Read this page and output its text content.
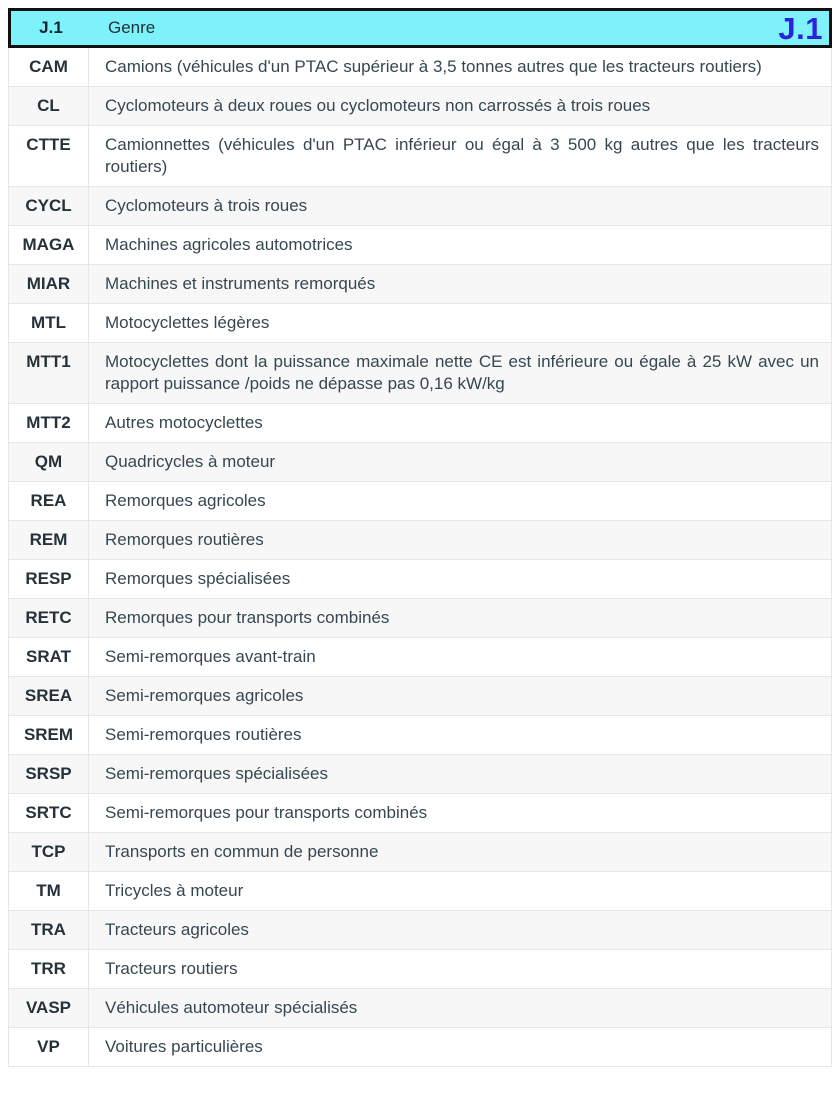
J.1	Genre	J.1
CAM Camions (véhicules d'un PTAC supérieur à 3,5 tonnes autres que les tracteurs routiers)
CL	Cyclomoteurs à deux roues ou cyclomoteurs non carrossés à trois roues
CTTE Camionnettes (véhicules d'un PTAC inférieur ou égal à 3 500 kg autres que les tracteurs routiers)
CYCL Cyclomoteurs à trois roues
MAGA Machines agricoles automotrices
MIAR Machines et instruments remorqués
MTL Motocyclettes légères
MTT1 Motocyclettes dont la puissance maximale nette CE est inférieure ou égale à 25 kW avec un rapport puissance /poids ne dépasse pas 0,16 kW/kg
MTT2 Autres motocyclettes
QM	Quadricycles à moteur
REA Remorques agricoles
REM Remorques routières
RESP Remorques spécialisées
RETC Remorques pour transports combinés
SRAT Semi-remorques avant-train
SREA Semi-remorques agricoles
SREM Semi-remorques routières
SRSP Semi-remorques spécialisées
SRTC Semi-remorques pour transports combinés
TCP Transports en commun de personne
TM	Tricycles à moteur
TRA Tracteurs agricoles
TRR Tracteurs routiers
VASP Véhicules automoteur spécialisés
VP	Voitures particulières
